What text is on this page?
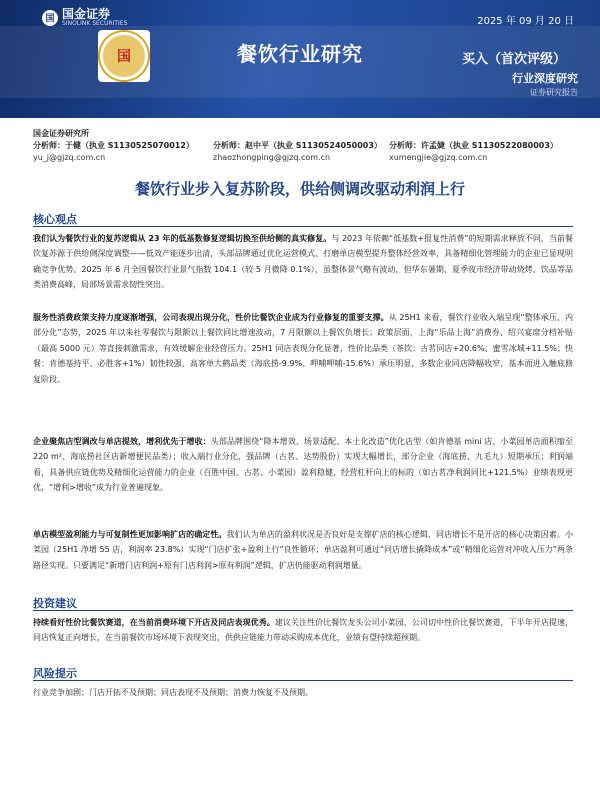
国 国金证券
SINOLINK SECURITIES	2025 年 09 月 20 日
国	餐饮行业研究	买入（首次评级）
行业深度研究
证券研究报告
国金证券研究所
分析师：于健（执业 S1130525070012）
yu_j@gjzq.com.cn
分析师：赵中平（执业 S1130524050003）
zhaozhongping@gjzq.com.cn
分析师：许孟婕（执业 S1130522080003）
xumengjie@gjzq.com.cn
餐饮行业步入复苏阶段，供给侧调改驱动利润上行
核心观点
我们认为餐饮行业的复苏逻辑从 23 年的低基数修复逻辑切换至供给侧的真实修复。与 2023 年依赖“低基数+报复性消费”的短期需求释放不同，当前餐饮复苏源于供给侧深度调整——低效产能逐步出清，头部品牌通过优化运营模式、打磨单店模型提升整体经营效率，具备精细化管理能力的企业已显现明确竞争优势。2025 年 6 月全国餐饮行业景气指数 104.1（较 5 月微降 0.1%），虽整体景气略有波动，但华东暑期、夏季夜市经济带动烧烤、饮品等品类消费高峰，局部场景需求韧性突出。
服务性消费政策支持力度逐渐增强，公司表现出现分化，性价比餐饮企业成为行业修复的重要支撑。从 25H1 来看，餐饮行业收入端呈现“整体承压、内部分化”态势，2025 年以来社零餐饮与限额以上餐饮同比增速波动，7 月限额以上餐饮负增长；政策层面，上海“乐品上海”消费券、绍兴宴席分档补贴（最高 5000 元）等直接刺激需求，有效缓解企业经营压力。25H1 同店表现分化显著，性价比品类（茶饮：古茗同店+20.6%、蜜雪冰城+11.5%；快餐：肯德基持平、必胜客+1%）韧性较强，高客单大鹤品类（海底捞-9.9%、呷哺呷哺-15.6%）承压明显，多数企业同店降幅收窄，基本面进入触底修复阶段。
企业聚焦店型调改与单店提效，增利优先于增收：头部品牌围绕“降本增效、场景适配、本土化改造”优化店型（如肯德基 mini 店、小菜园单店面积缩至 220 m²、海底捞社区店新增便民品类）；收入端行业分化，强品牌（古茗、达势股份）实现大幅增长，部分企业（海底捞、九毛九）短期承压；利润端看，具备供应链优势及精细化运营能力的企业（百胜中国、古茗、小菜园）盈利稳健，经营杠杆向上的标的（如古茗净利润同比+121.5%）业绩表现更优，“增利>增收”成为行业普遍现象。
单店模型盈利能力与可复制性更加影响扩店的确定性。我们认为单店的盈利状况是否良好是支撑扩店的核心逻辑，同店增长不是开店的核心决策因素。小菜园（25H1 净增 55 店，利润率 23.8%）实现“门店扩张+盈利上行”良性循环；单店盈利可通过“同店增长撬降成本”或“精细化运营对冲收入压力”两条路径实现。只要满足“新增门店利润+原有门店利润>原有利润”逻辑，扩店仍能驱动利润增量。
投资建议
持续看好性价比餐饮赛道，在当前消费环境下开店及同店表现优秀。建议关注性价比餐饮龙头公司小菜园，公司切中性价比餐饮赛道，下半年开店提速，同店恢复正向增长，在当前餐饮市场环境下表现突出，供供应链能力带动采购成本优化，业绩有望持续超预期。
风险提示
行业竞争加剧；门店开拓不及预期；同店表现不及预期；消费力恢复不及预期。
